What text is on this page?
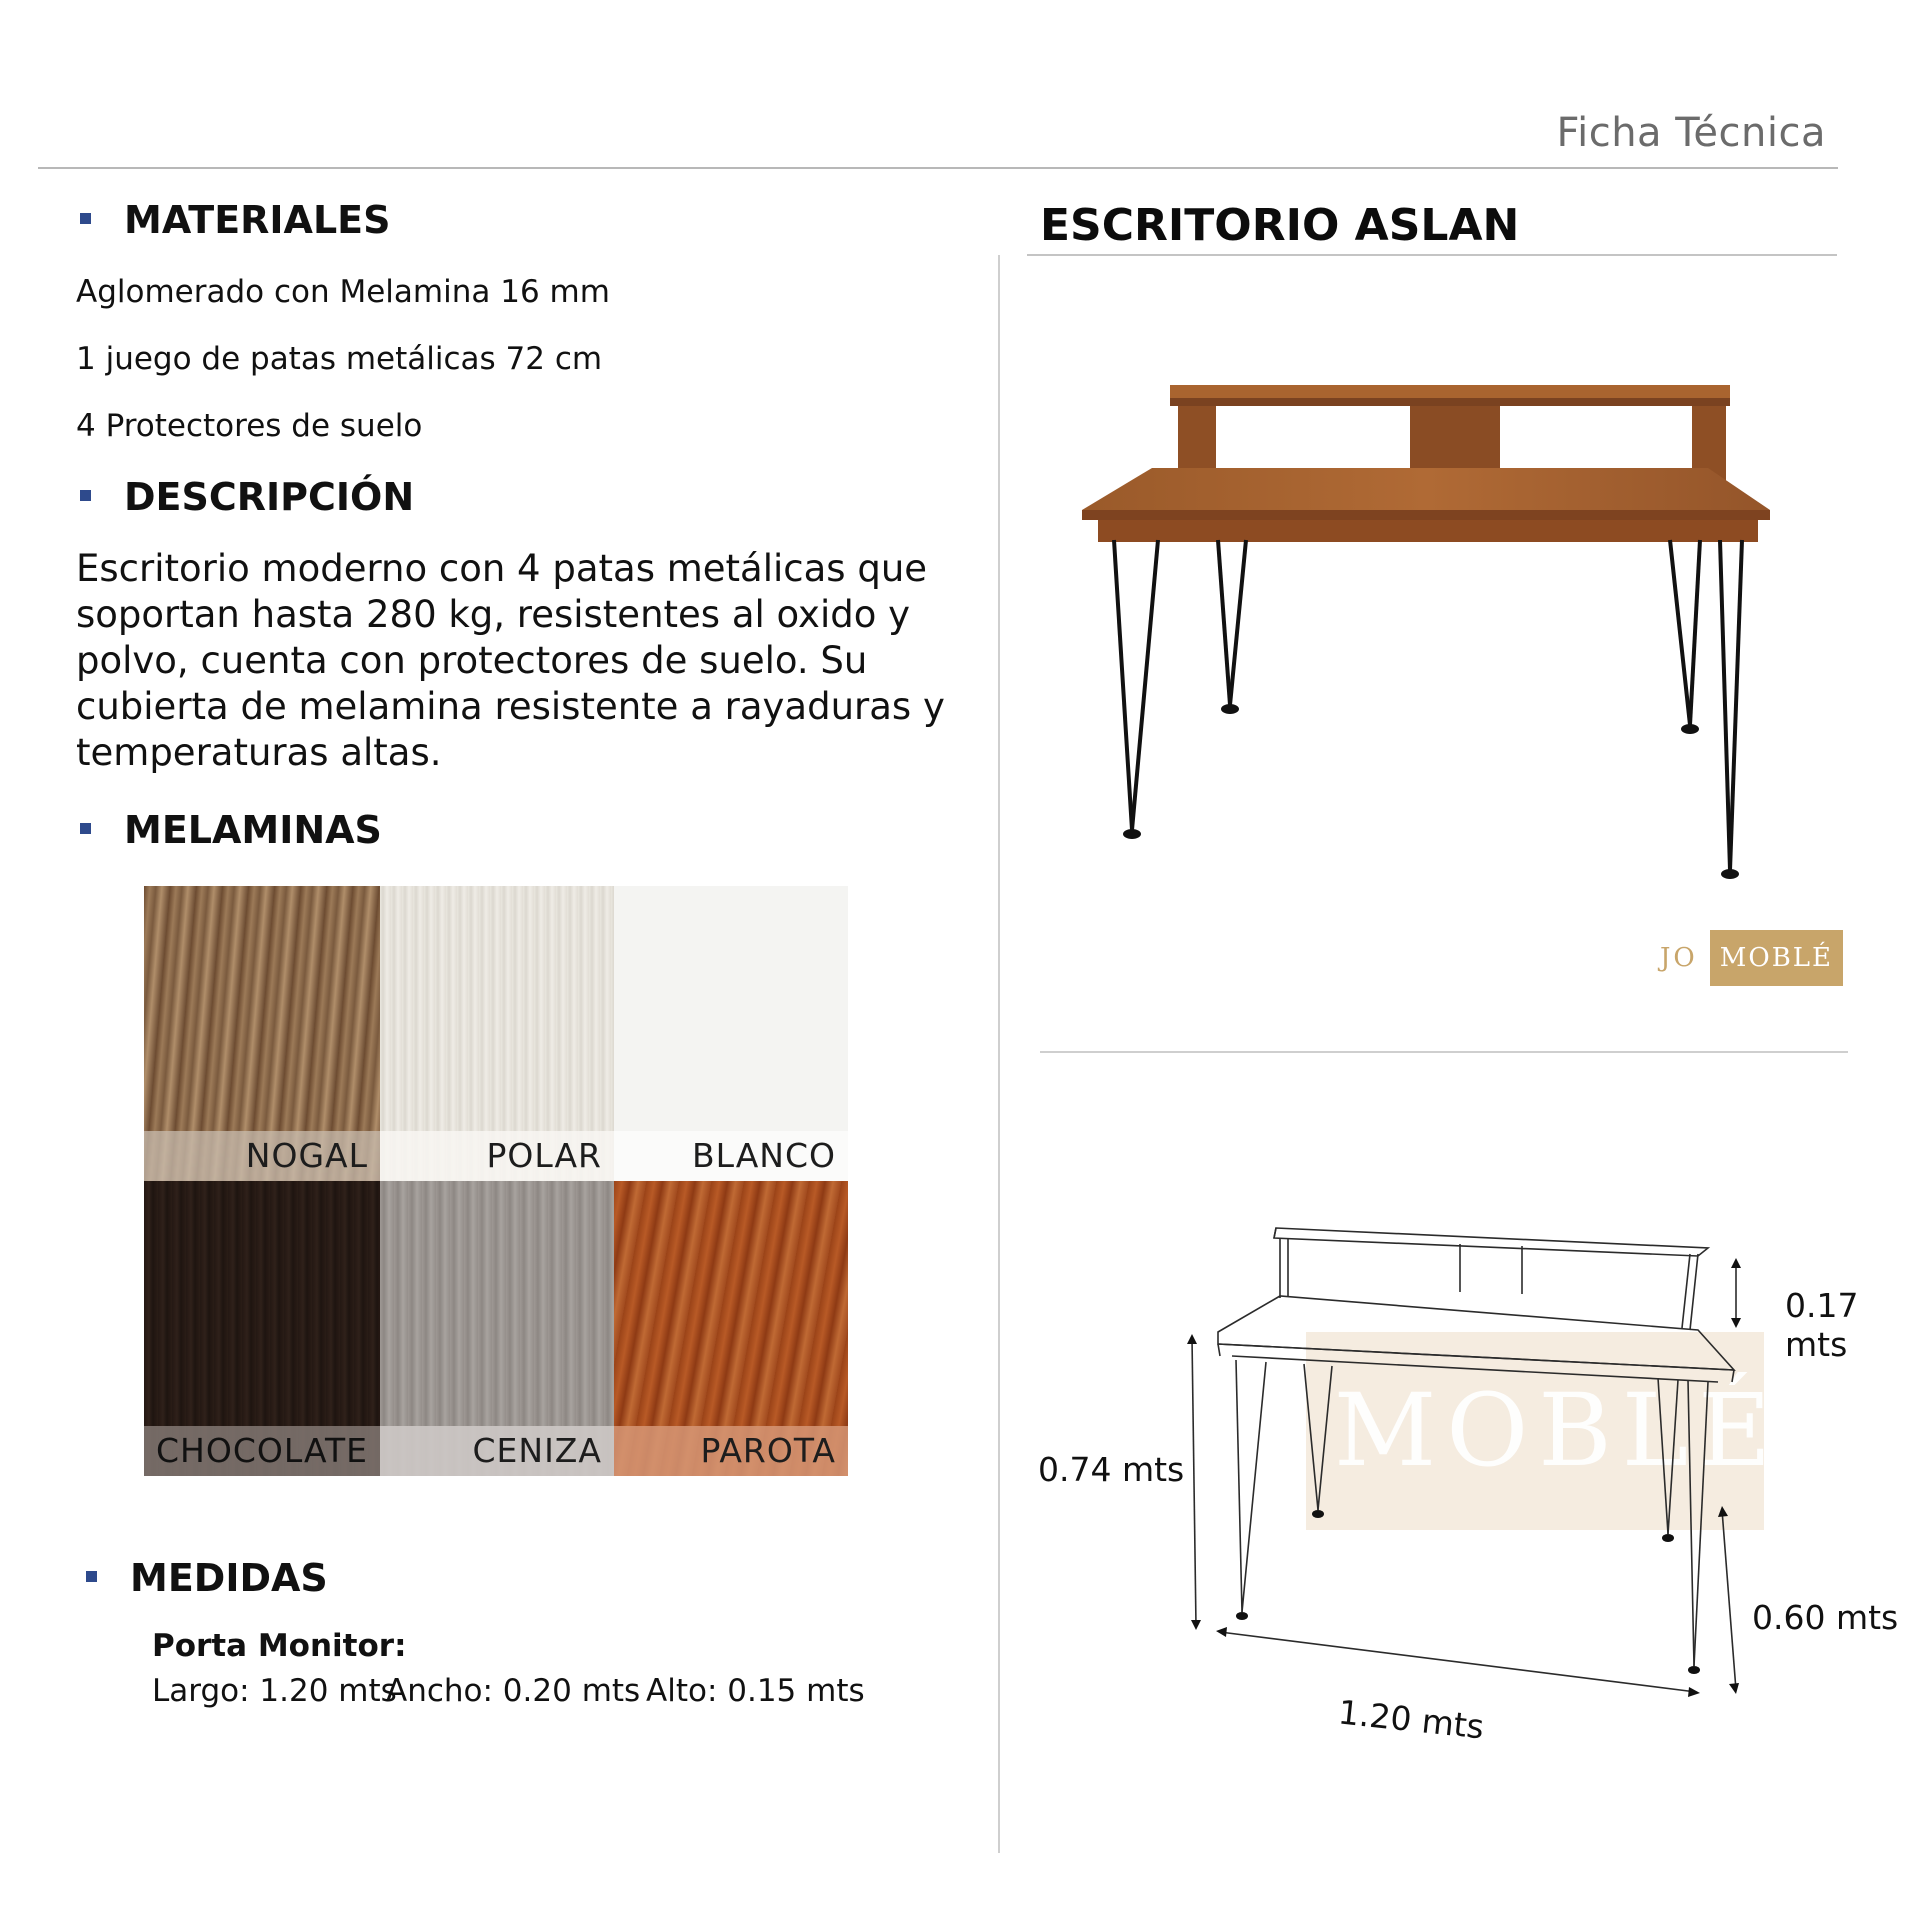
Ficha Técnica
MATERIALES
Aglomerado con Melamina 16 mm
1 juego de patas metálicas 72 cm
4 Protectores de suelo
DESCRIPCIÓN
Escritorio moderno con 4 patas metálicas que soportan hasta 280 kg, resistentes al oxido y polvo, cuenta con protectores de suelo. Su cubierta de melamina resistente a rayaduras y temperaturas altas.
MELAMINAS
NOGAL	POLAR	BLANCO
CHOCOLATE	CENIZA	PAROTA
MEDIDAS
Porta Monitor:
Largo: 1.20 mts
Ancho: 0.20 mts Alto: 0.15 mts
ESCRITORIO ASLAN
JO MOBLÉ
JO MOBLÉ
0.17 mts
0.74 mts
0.60 mts
1.20 mts
